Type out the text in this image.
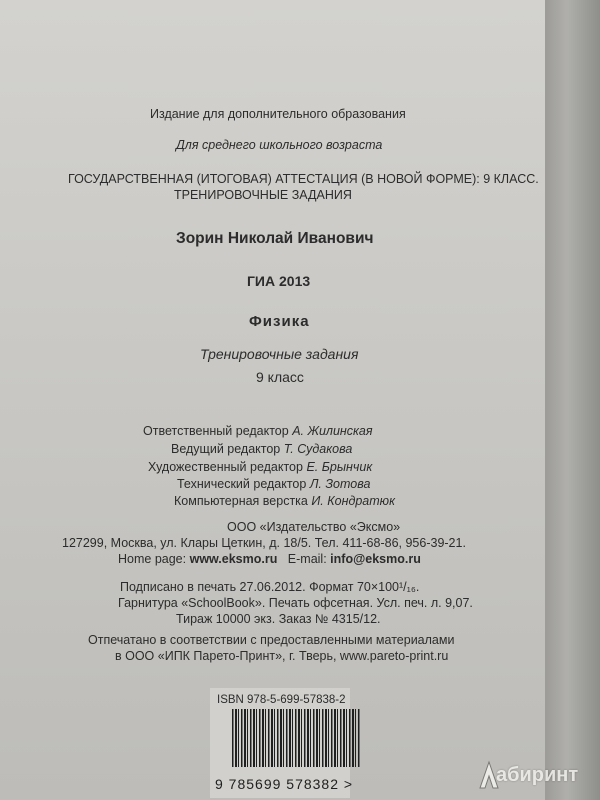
Издание для дополнительного образования
Для среднего школьного возраста
ГОСУДАРСТВЕННАЯ (ИТОГОВАЯ) АТТЕСТАЦИЯ (В НОВОЙ ФОРМЕ): 9 КЛАСС.
ТРЕНИРОВОЧНЫЕ ЗАДАНИЯ
Зорин Николай Иванович
ГИА 2013
Физика
Тренировочные задания
9 класс
Ответственный редактор А. Жилинская
Ведущий редактор Т. Судакова
Художественный редактор Е. Брынчик
Технический редактор Л. Зотова
Компьютерная верстка И. Кондратюк
ООО «Издательство «Эксмо»
127299, Москва, ул. Клары Цеткин, д. 18/5. Тел. 411-68-86, 956-39-21.
Home page: www.eksmo.ru E-mail: info@eksmo.ru
Подписано в печать 27.06.2012. Формат 70×100¹/₁₆.
Гарнитура «SchoolBook». Печать офсетная. Усл. печ. л. 9,07.
Тираж 10000 экз. Заказ № 4315/12.
Отпечатано в соответствии с предоставленными материалами
в ООО «ИПК Парето-Принт», г. Тверь, www.pareto-print.ru
ISBN 978-5-699-57838-2
9 785699 578382 >	абиринт
